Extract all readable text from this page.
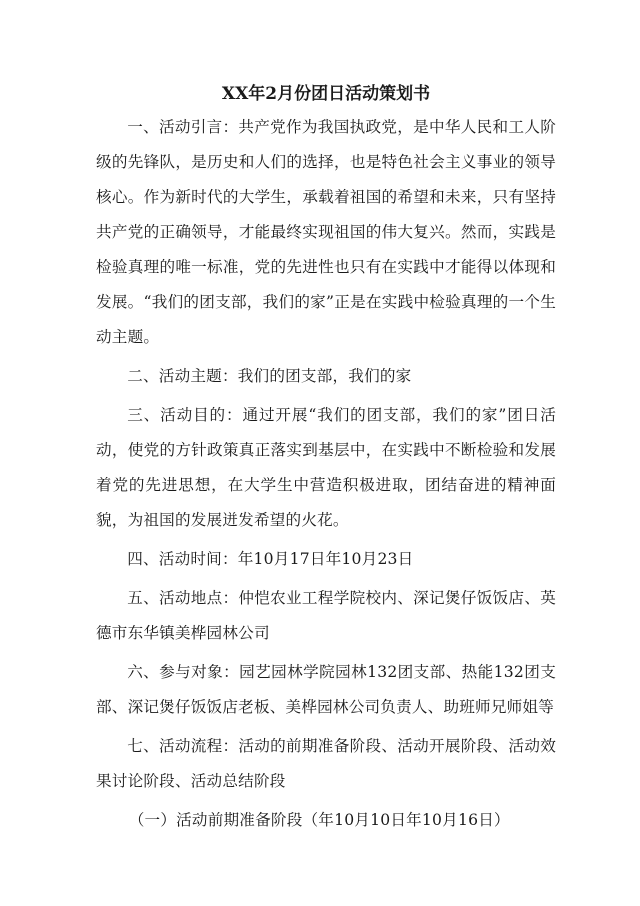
XX年2月份团日活动策划书

一、活动引言：共产党作为我国执政党，是中华人民和工人阶级的先锋队，是历史和人们的选择，也是特色社会主义事业的领导核心。作为新时代的大学生，承载着祖国的希望和未来，只有坚持共产党的正确领导，才能最终实现祖国的伟大复兴。然而，实践是检验真理的唯一标准，党的先进性也只有在实践中才能得以体现和发展。“我们的团支部，我们的家”正是在实践中检验真理的一个生动主题。

二、活动主题：我们的团支部，我们的家

三、活动目的：通过开展“我们的团支部，我们的家”团日活动，使党的方针政策真正落实到基层中，在实践中不断检验和发展着党的先进思想，在大学生中营造积极进取，团结奋进的精神面貌，为祖国的发展迸发希望的火花。

四、活动时间：年10月17日年10月23日

五、活动地点：仲恺农业工程学院校内、深记煲仔饭饭店、英德市东华镇美桦园林公司

六、参与对象：园艺园林学院园林132团支部、热能132团支部、深记煲仔饭饭店老板、美桦园林公司负责人、助班师兄师姐等

七、活动流程：活动的前期准备阶段、活动开展阶段、活动效果讨论阶段、活动总结阶段

（一）活动前期准备阶段（年10月10日年10月16日）
